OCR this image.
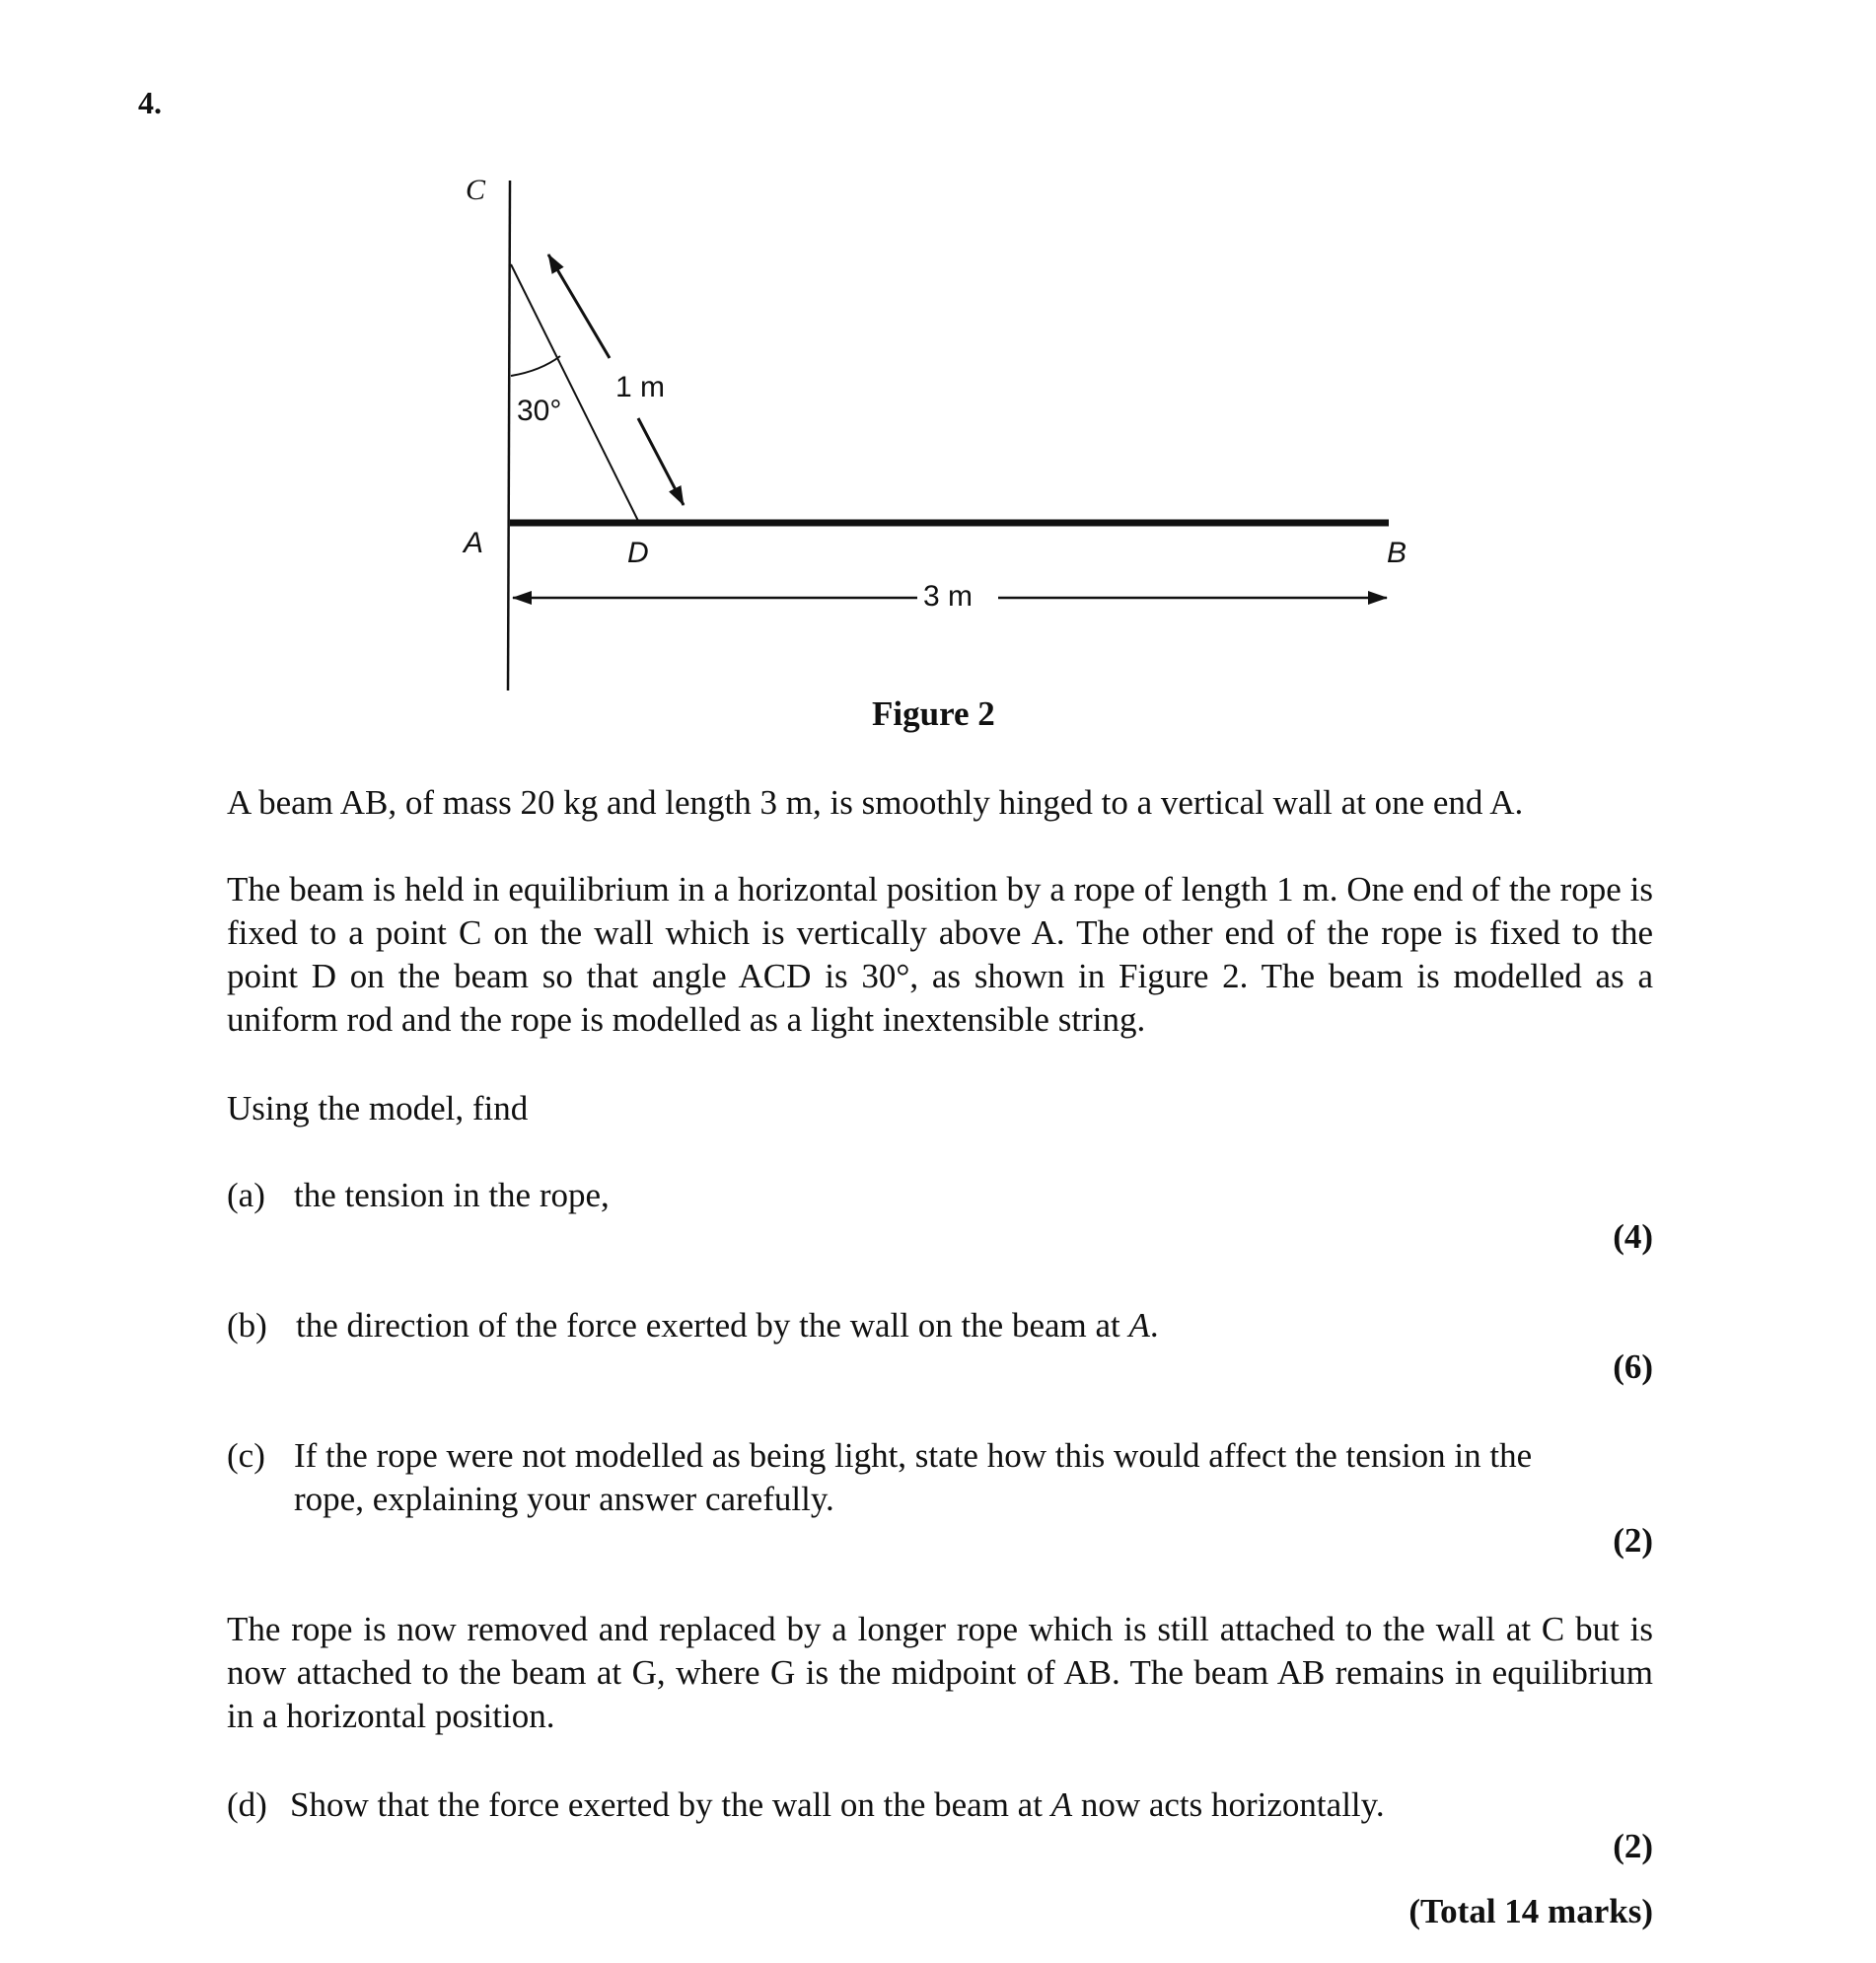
4.
C
A	D	B
30°
1 m
3 m
Figure 2
A beam AB, of mass 20 kg and length 3 m, is smoothly hinged to a vertical wall at one end A.
The beam is held in equilibrium in a horizontal position by a rope of length 1 m. One end of the rope is fixed to a point C on the wall which is vertically above A. The other end of the rope is fixed to the point D on the beam so that angle ACD is 30°, as shown in Figure 2. The beam is modelled as a uniform rod and the rope is modelled as a light inextensible string.
Using the model, find
(a) the tension in the rope,
(4)
(b) the direction of the force exerted by the wall on the beam at A.
(6)
(c) If the rope were not modelled as being light, state how this would affect the tension in the rope, explaining your answer carefully.
(2)
The rope is now removed and replaced by a longer rope which is still attached to the wall at C but is now attached to the beam at G, where G is the midpoint of AB. The beam AB remains in equilibrium in a horizontal position.
(d) Show that the force exerted by the wall on the beam at A now acts horizontally.
(2)
(Total 14 marks)
